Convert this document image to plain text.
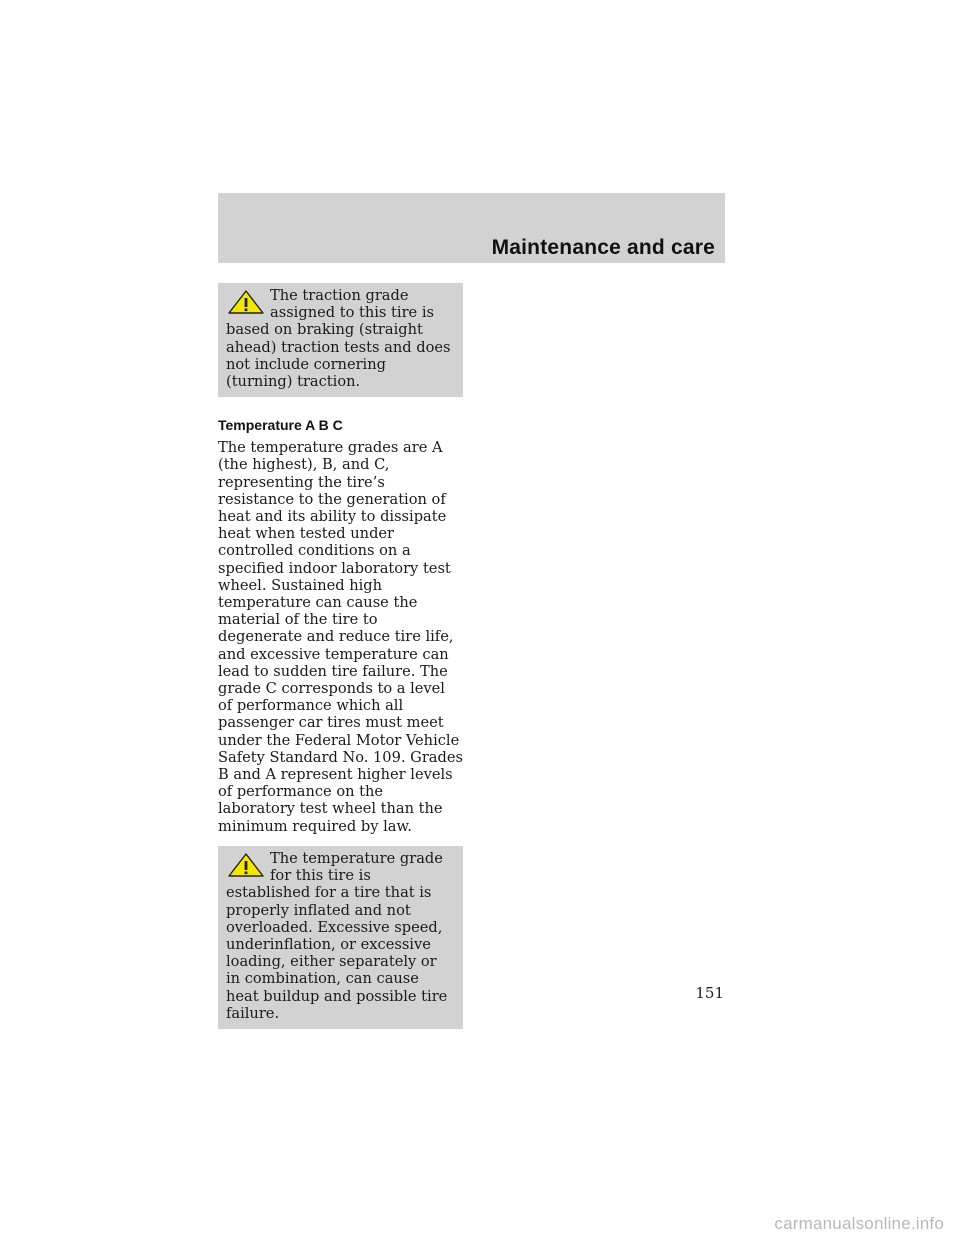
Maintenance and care

The traction grade assigned to this tire is based on braking (straight ahead) traction tests and does not include cornering (turning) traction.

Temperature A B C

The temperature grades are A (the highest), B, and C, representing the tire’s resistance to the generation of heat and its ability to dissipate heat when tested under controlled conditions on a specified indoor laboratory test wheel. Sustained high temperature can cause the material of the tire to degenerate and reduce tire life, and excessive temperature can lead to sudden tire failure. The grade C corresponds to a level of performance which all passenger car tires must meet under the Federal Motor Vehicle Safety Standard No. 109. Grades B and A represent higher levels of performance on the laboratory test wheel than the minimum required by law.

The temperature grade for this tire is established for a tire that is properly inflated and not overloaded. Excessive speed, underinflation, or excessive loading, either separately or in combination, can cause heat buildup and possible tire failure.

151
carmanualsonline.info
